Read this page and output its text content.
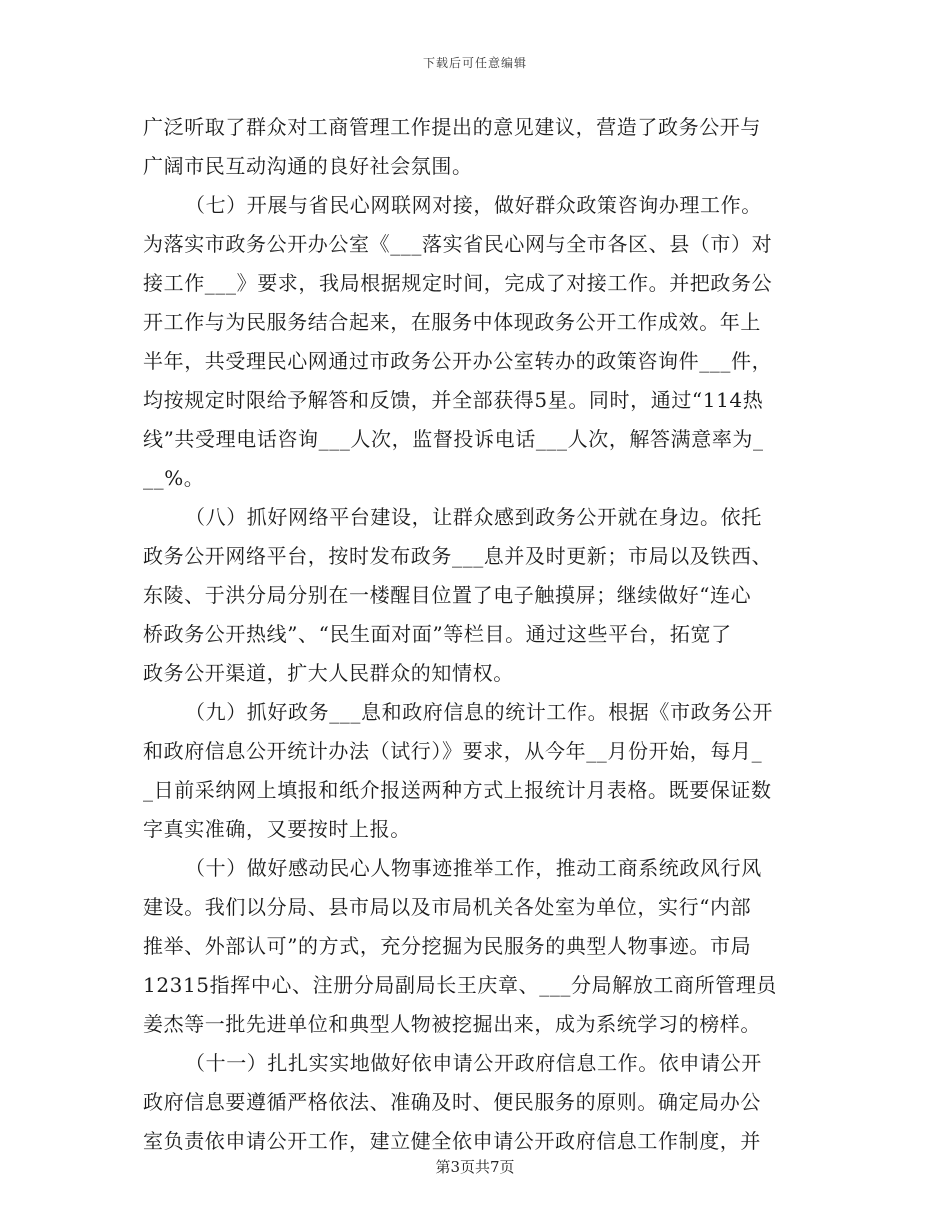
下载后可任意编辑
广泛听取了群众对工商管理工作提出的意见建议，营造了政务公开与
广阔市民互动沟通的良好社会氛围。
（七）开展与省民心网联网对接，做好群众政策咨询办理工作。
为落实市政务公开办公室《___落实省民心网与全市各区、县（市）对
接工作___》要求，我局根据规定时间，完成了对接工作。并把政务公
开工作与为民服务结合起来，在服务中体现政务公开工作成效。年上
半年，共受理民心网通过市政务公开办公室转办的政策咨询件___件，
均按规定时限给予解答和反馈，并全部获得5星。同时，通过“114热
线”共受理电话咨询___人次，监督投诉电话___人次，解答满意率为_
__%。
（八）抓好网络平台建设，让群众感到政务公开就在身边。依托
政务公开网络平台，按时发布政务___息并及时更新；市局以及铁西、
东陵、于洪分局分别在一楼醒目位置了电子触摸屏；继续做好“连心
桥政务公开热线”、“民生面对面”等栏目。通过这些平台，拓宽了
政务公开渠道，扩大人民群众的知情权。
（九）抓好政务___息和政府信息的统计工作。根据《市政务公开
和政府信息公开统计办法（试行）》要求，从今年__月份开始，每月_
_日前采纳网上填报和纸介报送两种方式上报统计月表格。既要保证数
字真实准确，又要按时上报。
（十）做好感动民心人物事迹推举工作，推动工商系统政风行风
建设。我们以分局、县市局以及市局机关各处室为单位，实行“内部
推举、外部认可”的方式，充分挖掘为民服务的典型人物事迹。市局
12315指挥中心、注册分局副局长王庆章、___分局解放工商所管理员
姜杰等一批先进单位和典型人物被挖掘出来，成为系统学习的榜样。
（十一）扎扎实实地做好依申请公开政府信息工作。依申请公开
政府信息要遵循严格依法、准确及时、便民服务的原则。确定局办公
室负责依申请公开工作，建立健全依申请公开政府信息工作制度，并
第3页共7页
